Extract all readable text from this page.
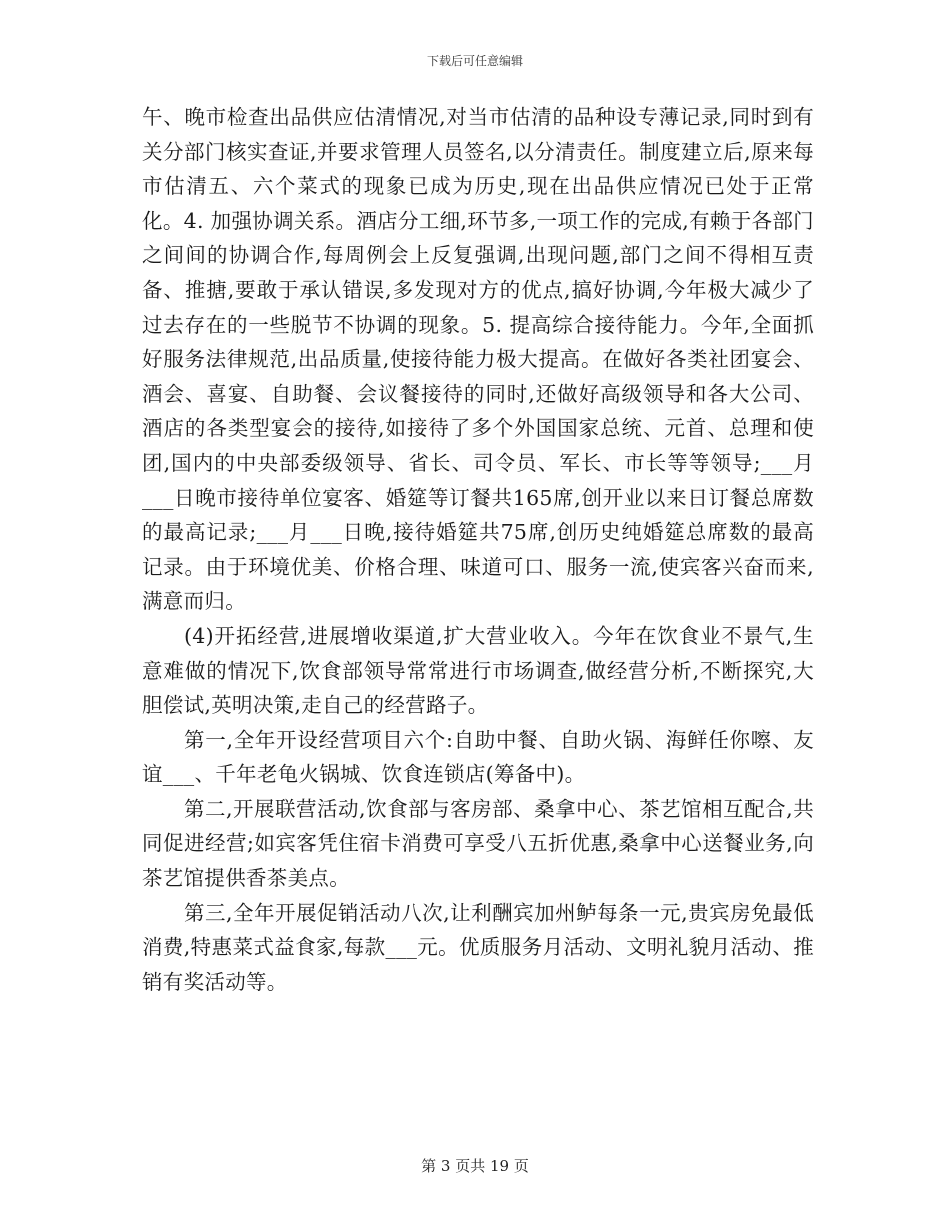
下载后可任意编辑

午、晚市检查出品供应估清情况,对当市估清的品种设专薄记录,同时到有关分部门核实查证,并要求管理人员签名,以分清责任。制度建立后,原来每市估清五、六个菜式的现象已成为历史,现在出品供应情况已处于正常化。4. 加强协调关系。酒店分工细,环节多,一项工作的完成,有赖于各部门之间间的协调合作,每周例会上反复强调,出现问题,部门之间不得相互责备、推搪,要敢于承认错误,多发现对方的优点,搞好协调,今年极大减少了过去存在的一些脱节不协调的现象。5. 提高综合接待能力。今年,全面抓好服务法律规范,出品质量,使接待能力极大提高。在做好各类社团宴会、酒会、喜宴、自助餐、会议餐接待的同时,还做好高级领导和各大公司、酒店的各类型宴会的接待,如接待了多个外国国家总统、元首、总理和使团,国内的中央部委级领导、省长、司令员、军长、市长等等领导;___月___日晚市接待单位宴客、婚筵等订餐共165席,创开业以来日订餐总席数的最高记录;___月___日晚,接待婚筵共75席,创历史纯婚筵总席数的最高记录。由于环境优美、价格合理、味道可口、服务一流,使宾客兴奋而来,满意而归。

(4)开拓经营,进展增收渠道,扩大营业收入。今年在饮食业不景气,生意难做的情况下,饮食部领导常常进行市场调查,做经营分析,不断探究,大胆偿试,英明决策,走自己的经营路子。

第一,全年开设经营项目六个:自助中餐、自助火锅、海鲜任你嚓、友谊___、千年老龟火锅城、饮食连锁店(筹备中)。

第二,开展联营活动,饮食部与客房部、桑拿中心、茶艺馆相互配合,共同促进经营;如宾客凭住宿卡消费可享受八五折优惠,桑拿中心送餐业务,向茶艺馆提供香茶美点。

第三,全年开展促销活动八次,让利酬宾加州鲈每条一元,贵宾房免最低消费,特惠菜式益食家,每款___元。优质服务月活动、文明礼貌月活动、推销有奖活动等。

第 3 页共 19 页
